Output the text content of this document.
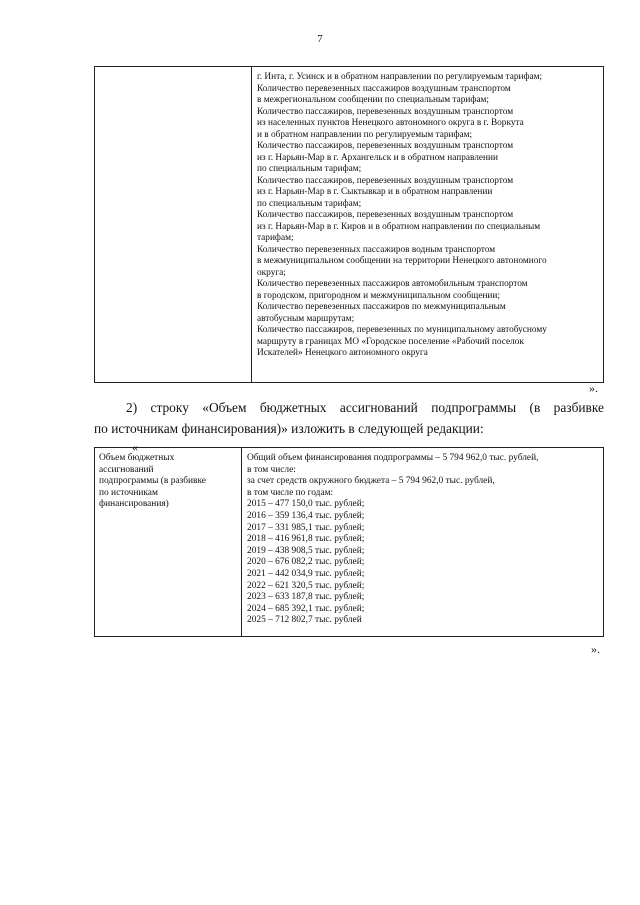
7
г. Инта, г. Усинск и в обратном направлении по регулируемым тарифам;
Количество перевезенных пассажиров воздушным транспортом
в межрегиональном сообщении по специальным тарифам;
Количество пассажиров, перевезенных воздушным транспортом
из населенных пунктов Ненецкого автономного округа в г. Воркута
и в обратном направлении по регулируемым тарифам;
Количество пассажиров, перевезенных воздушным транспортом
из г. Нарьян-Мар в г. Архангельск и в обратном направлении
по специальным тарифам;
Количество пассажиров, перевезенных воздушным транспортом
из г. Нарьян-Мар в г. Сыктывкар и в обратном направлении
по специальным тарифам;
Количество пассажиров, перевезенных воздушным транспортом
из г. Нарьян-Мар в г. Киров и в обратном направлении по специальным
тарифам;
Количество перевезенных пассажиров водным транспортом
в межмуниципальном сообщении на территории Ненецкого автономного
округа;
Количество перевезенных пассажиров автомобильным транспортом
в городском, пригородном и межмуниципальном сообщении;
Количество перевезенных пассажиров по межмуниципальным
автобусным маршрутам;
Количество пассажиров, перевезенных по муниципальному автобусному
маршруту в границах МО «Городское поселение «Рабочий поселок
Искателей» Ненецкого автономного округа
».
2) строку «Объем бюджетных ассигнований подпрограммы (в разбивке
по источникам финансирования)» изложить в следующей редакции:
«
Объем бюджетных
ассигнований
подпрограммы (в разбивке
по источникам
финансирования)
Общий объем финансирования подпрограммы – 5 794 962,0 тыс. рублей,
в том числе:
за счет средств окружного бюджета – 5 794 962,0 тыс. рублей,
в том числе по годам:
2015 – 477 150,0 тыс. рублей;
2016 – 359 136,4 тыс. рублей;
2017 – 331 985,1 тыс. рублей;
2018 – 416 961,8 тыс. рублей;
2019 – 438 908,5 тыс. рублей;
2020 – 676 082,2 тыс. рублей;
2021 – 442 034,9 тыс. рублей;
2022 – 621 320,5 тыс. рублей;
2023 – 633 187,8 тыс. рублей;
2024 – 685 392,1 тыс. рублей;
2025 – 712 802,7 тыс. рублей
».
